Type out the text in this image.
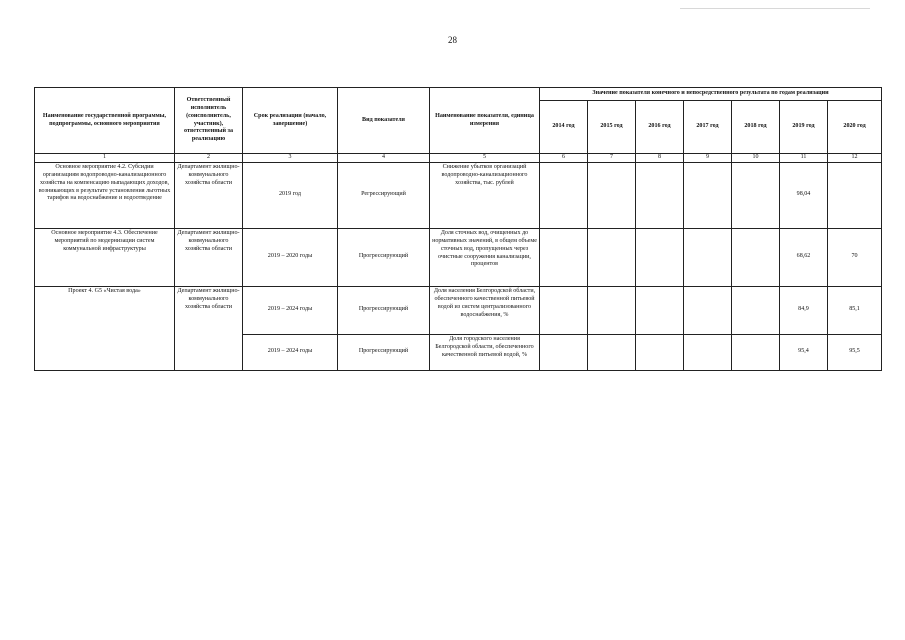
28
Наименование государственной программы, подпрограммы, основного мероприятия	Ответственный исполнитель (соисполнитель, участник), ответственный за реализацию	Срок реализации (начало, завершение)	Вид показателя	Наименование показателя, единица измерения	Значение показателя конечного и непосредственного результата по годам реализации						
					2014 год	2015 год	2016 год	2017 год	2018 год	2019 год	2020 год
1	2	3	4	5	6	7	8	9	10	11	12
Основное мероприятие 4.2. Субсидии организациям водопроводно-канализационного хозяйства на компенсацию выпадающих доходов, возникающих в результате установления льготных тарифов на водоснабжение и водоотведение	Департамент жилищно-коммунального хозяйства области	2019 год	Регрессирующий	Снижение убытков организаций водопроводно-канализационного хозяйства, тыс. рублей						98,04	
Основное мероприятие 4.3. Обеспечение мероприятий по модернизации систем коммунальной инфраструктуры	Департамент жилищно-коммунального хозяйства области	2019 – 2020 годы	Прогрессирующий	Доля сточных вод, очищенных до нормативных значений, в общем объеме сточных вод, пропущенных через очистные сооружения канализации, процентов						68,62	70
Проект 4. G5 «Чистая вода»	Департамент жилищно-коммунального хозяйства области	2019 – 2024 годы	Прогрессирующий	Доля населения Белгородской области, обеспеченного качественной питьевой водой из систем централизованного водоснабжения, %						84,9	85,1
		2019 – 2024 годы	Прогрессирующий	Доля городского населения Белгородской области, обеспеченного качественной питьевой водой, %						95,4	95,5
